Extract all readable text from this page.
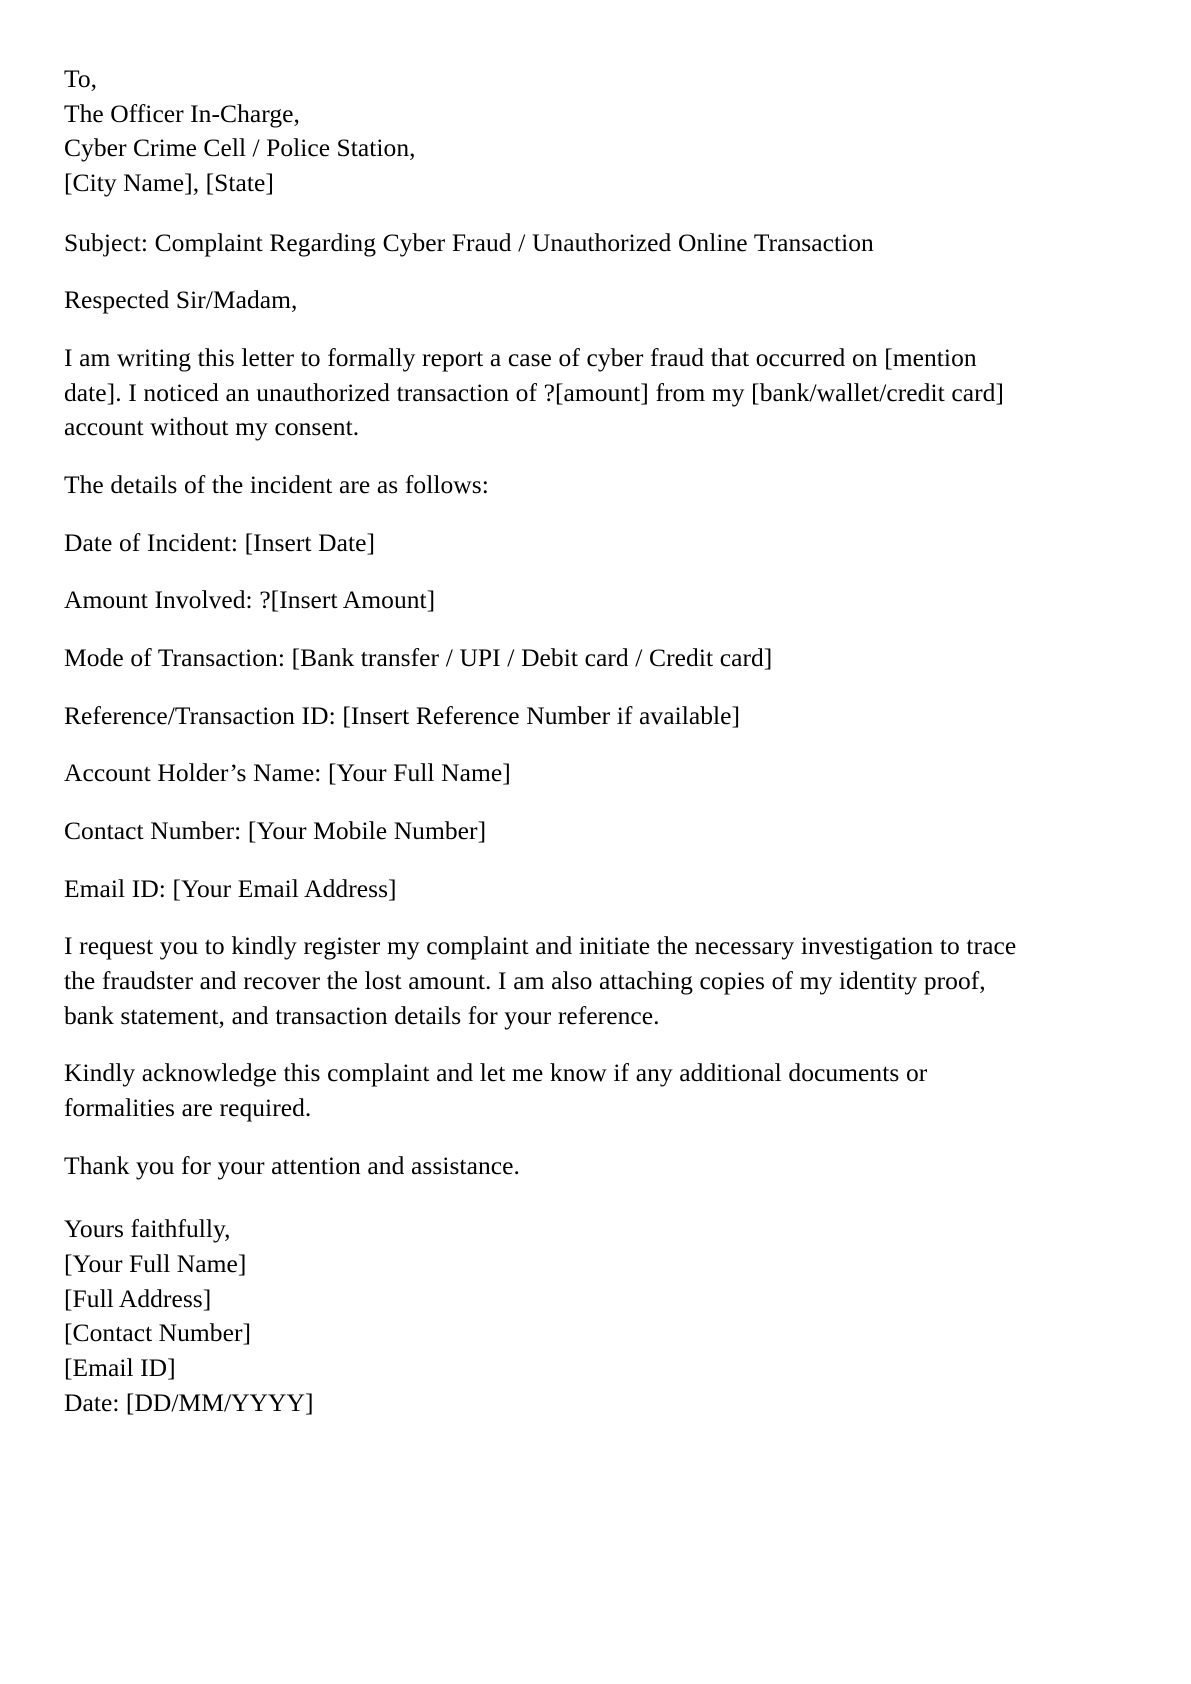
To,
The Officer In-Charge,
Cyber Crime Cell / Police Station,
[City Name], [State]

Subject: Complaint Regarding Cyber Fraud / Unauthorized Online Transaction

Respected Sir/Madam,

I am writing this letter to formally report a case of cyber fraud that occurred on [mention date]. I noticed an unauthorized transaction of ?[amount] from my [bank/wallet/credit card] account without my consent.

The details of the incident are as follows:

Date of Incident: [Insert Date]

Amount Involved: ?[Insert Amount]

Mode of Transaction: [Bank transfer / UPI / Debit card / Credit card]

Reference/Transaction ID: [Insert Reference Number if available]

Account Holder’s Name: [Your Full Name]

Contact Number: [Your Mobile Number]

Email ID: [Your Email Address]

I request you to kindly register my complaint and initiate the necessary investigation to trace the fraudster and recover the lost amount. I am also attaching copies of my identity proof, bank statement, and transaction details for your reference.

Kindly acknowledge this complaint and let me know if any additional documents or formalities are required.

Thank you for your attention and assistance.

Yours faithfully,
[Your Full Name]
[Full Address]
[Contact Number]
[Email ID]
Date: [DD/MM/YYYY]
